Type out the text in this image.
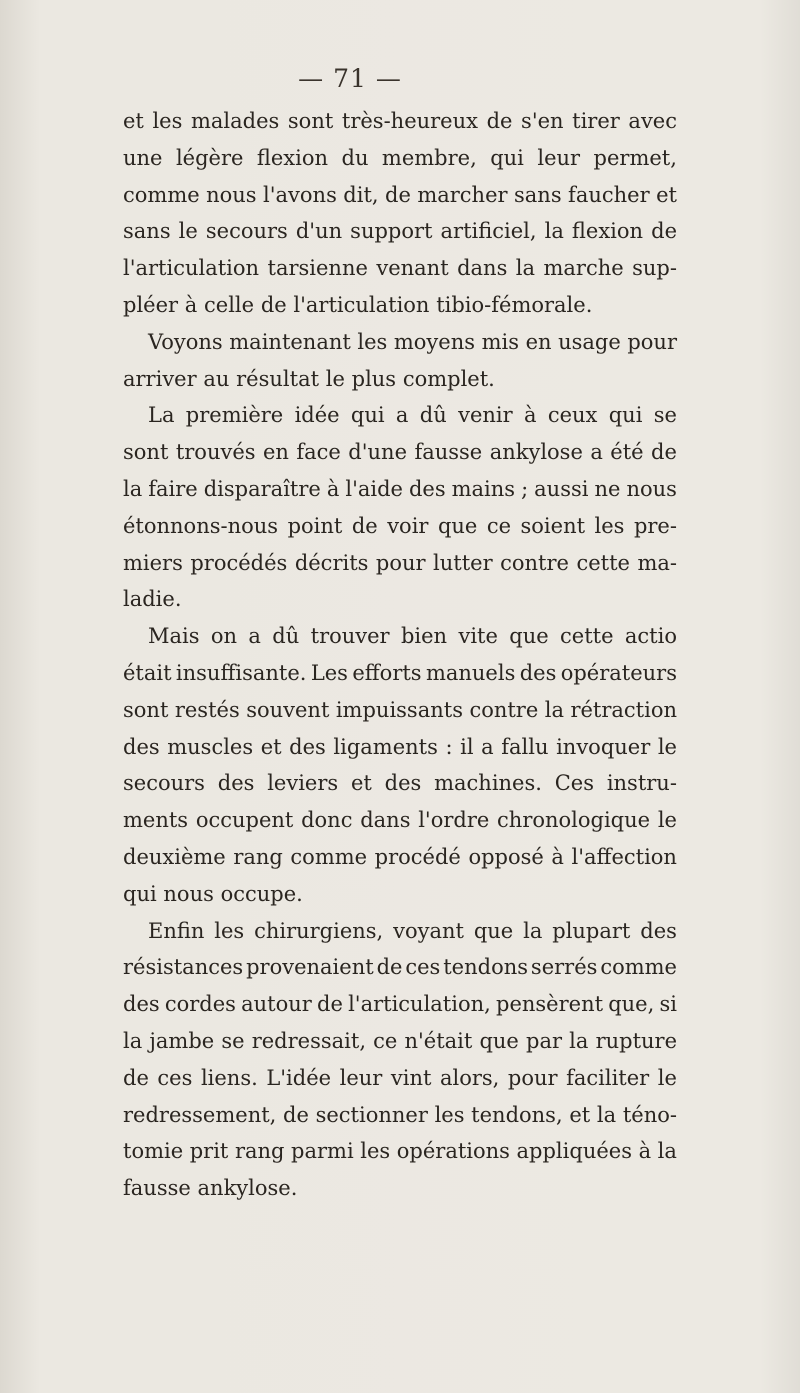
— 71 —
et les malades sont très-heureux de s'en tirer avec
une légère flexion du membre, qui leur permet,
comme nous l'avons dit, de marcher sans faucher et
sans le secours d'un support artificiel, la flexion de
l'articulation tarsienne venant dans la marche sup-
pléer à celle de l'articulation tibio-fémorale.
Voyons maintenant les moyens mis en usage pour
arriver au résultat le plus complet.
La première idée qui a dû venir à ceux qui se
sont trouvés en face d'une fausse ankylose a été de
la faire disparaître à l'aide des mains ; aussi ne nous
étonnons-nous point de voir que ce soient les pre-
miers procédés décrits pour lutter contre cette ma-
ladie.
Mais on a dû trouver bien vite que cette actio
était insuffisante. Les efforts manuels des opérateurs
sont restés souvent impuissants contre la rétraction
des muscles et des ligaments : il a fallu invoquer le
secours des leviers et des machines. Ces instru-
ments occupent donc dans l'ordre chronologique le
deuxième rang comme procédé opposé à l'affection
qui nous occupe.
Enfin les chirurgiens, voyant que la plupart des
résistances provenaient de ces tendons serrés comme
des cordes autour de l'articulation, pensèrent que, si
la jambe se redressait, ce n'était que par la rupture
de ces liens. L'idée leur vint alors, pour faciliter le
redressement, de sectionner les tendons, et la téno-
tomie prit rang parmi les opérations appliquées à la
fausse ankylose.
